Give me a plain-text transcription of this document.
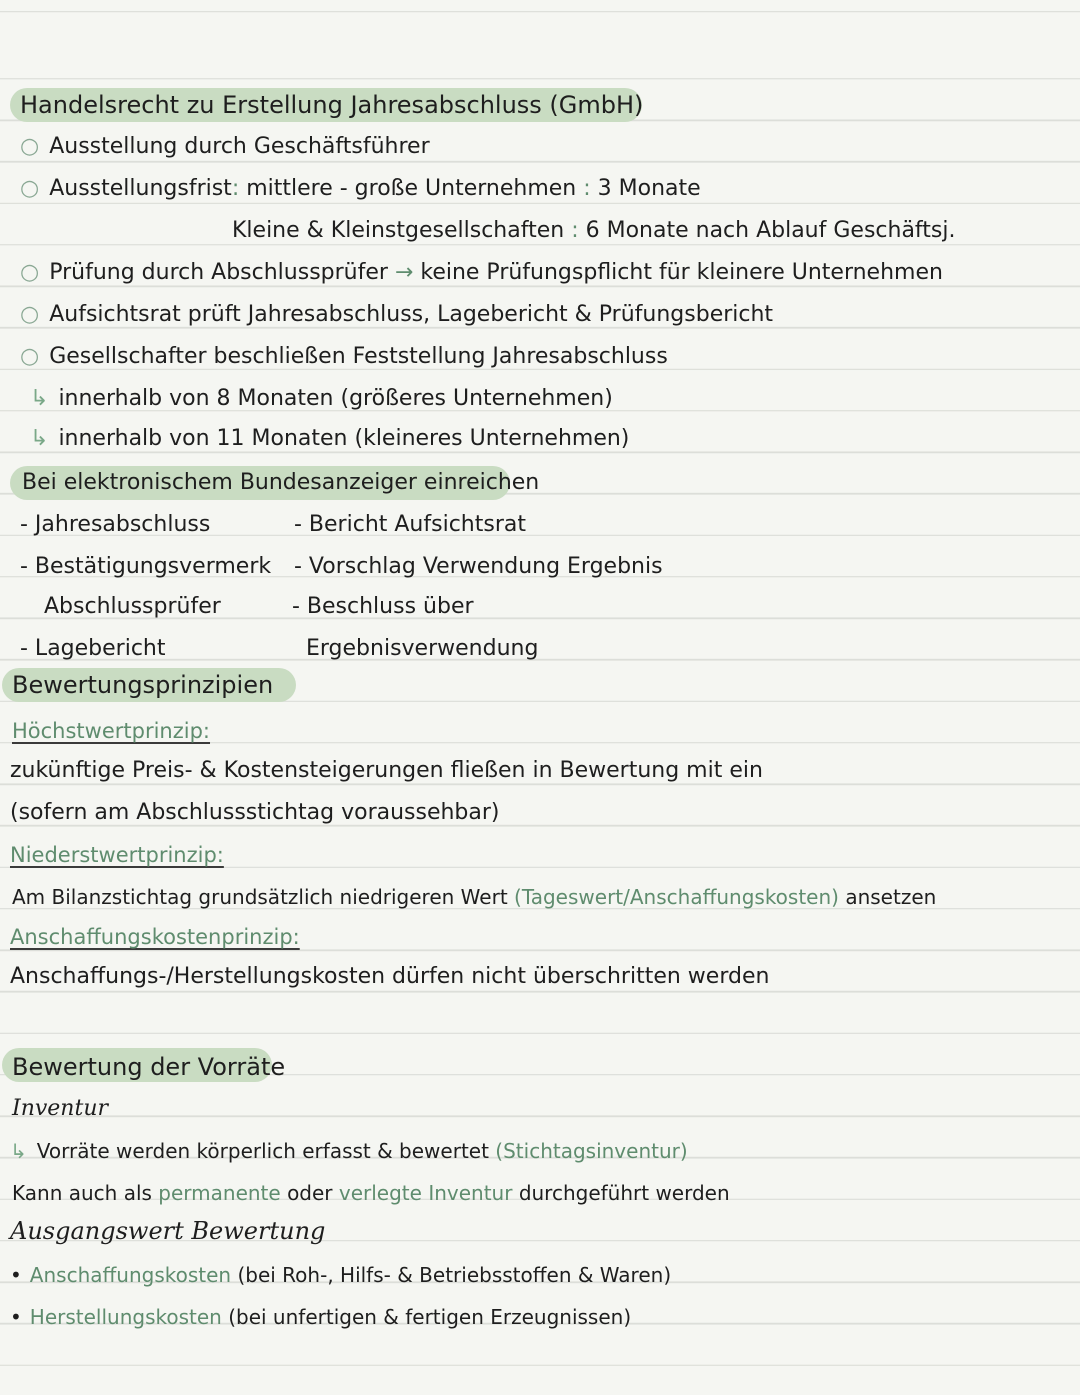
Handelsrecht zu Erstellung Jahresabschluss (GmbH)
○ Ausstellung durch Geschäftsführer
○ Ausstellungsfrist: mittlere - große Unternehmen : 3 Monate
Kleine & Kleinstgesellschaften : 6 Monate nach Ablauf Geschäftsj.
○ Prüfung durch Abschlussprüfer → keine Prüfungspflicht für kleinere Unternehmen
○ Aufsichtsrat prüft Jahresabschluss, Lagebericht & Prüfungsbericht
○ Gesellschafter beschließen Feststellung Jahresabschluss
↳ innerhalb von 8 Monaten (größeres Unternehmen)
↳ innerhalb von 11 Monaten (kleineres Unternehmen)
Bei elektronischem Bundesanzeiger einreichen
- Jahresabschluss
- Bestätigungsvermerk
Abschlussprüfer
- Lagebericht
- Bericht Aufsichtsrat
- Vorschlag Verwendung Ergebnis
- Beschluss über
Ergebnisverwendung
Bewertungsprinzipien
Höchstwertprinzip:
zukünftige Preis- & Kostensteigerungen fließen in Bewertung mit ein
(sofern am Abschlussstichtag voraussehbar)
Niederstwertprinzip:
Am Bilanzstichtag grundsätzlich niedrigeren Wert (Tageswert/Anschaffungskosten) ansetzen
Anschaffungskostenprinzip:
Anschaffungs-/Herstellungskosten dürfen nicht überschritten werden
Bewertung der Vorräte
Inventur
↳ Vorräte werden körperlich erfasst & bewertet (Stichtagsinventur)
Kann auch als permanente oder verlegte Inventur durchgeführt werden
Ausgangswert Bewertung
• Anschaffungskosten (bei Roh-, Hilfs- & Betriebsstoffen & Waren)
• Herstellungskosten (bei unfertigen & fertigen Erzeugnissen)
